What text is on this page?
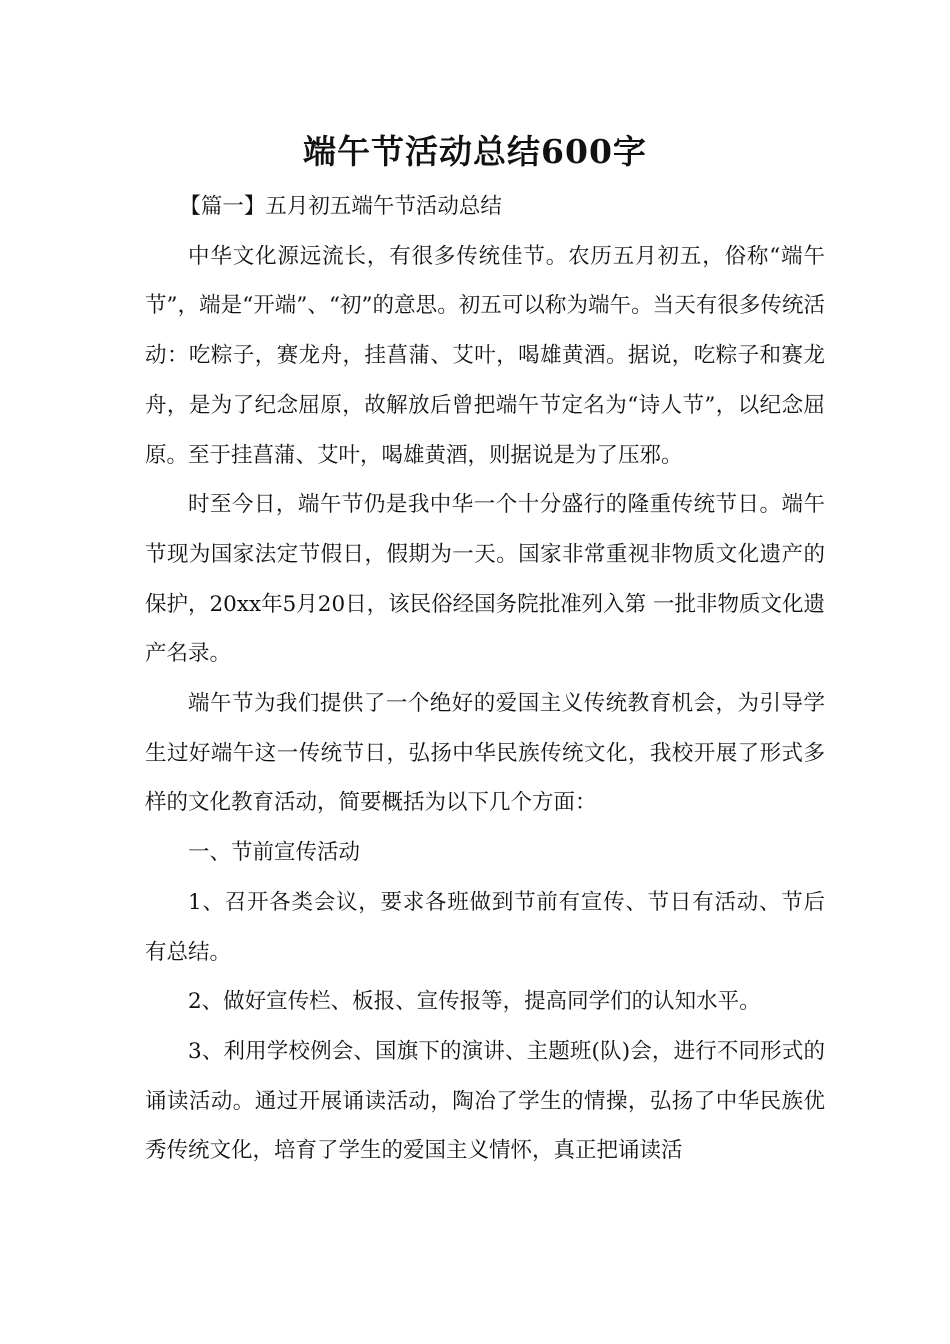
端午节活动总结600字

【篇一】五月初五端午节活动总结

中华文化源远流长，有很多传统佳节。农历五月初五，俗称“端午节”，端是“开端”、“初”的意思。初五可以称为端午。当天有很多传统活动：吃粽子，赛龙舟，挂菖蒲、艾叶，喝雄黄酒。据说，吃粽子和赛龙舟，是为了纪念屈原，故解放后曾把端午节定名为“诗人节”，以纪念屈原。至于挂菖蒲、艾叶，喝雄黄酒，则据说是为了压邪。

时至今日，端午节仍是我中华一个十分盛行的隆重传统节日。端午节现为国家法定节假日，假期为一天。国家非常重视非物质文化遗产的保护，20xx年5月20日，该民俗经国务院批准列入第 一批非物质文化遗产名录。

端午节为我们提供了一个绝好的爱国主义传统教育机会，为引导学生过好端午这一传统节日，弘扬中华民族传统文化，我校开展了形式多样的文化教育活动，简要概括为以下几个方面：

一、节前宣传活动

1、召开各类会议，要求各班做到节前有宣传、节日有活动、节后有总结。

2、做好宣传栏、板报、宣传报等，提高同学们的认知水平。

3、利用学校例会、国旗下的演讲、主题班(队)会，进行不同形式的诵读活动。通过开展诵读活动，陶冶了学生的情操，弘扬了中华民族优秀传统文化，培育了学生的爱国主义情怀，真正把诵读活
